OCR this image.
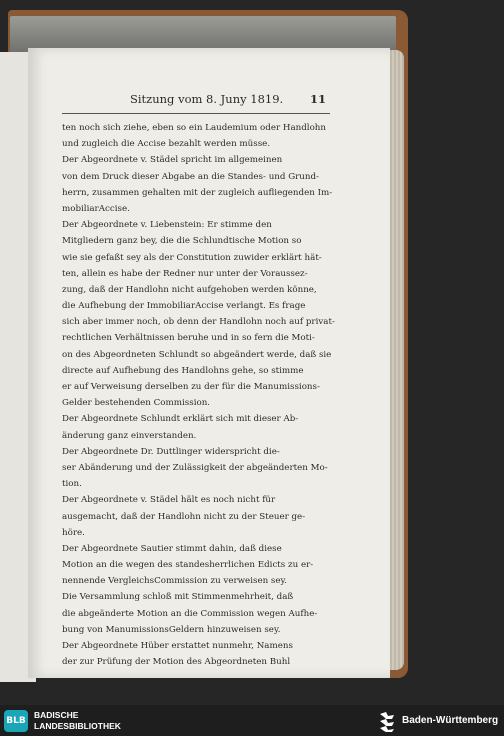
Sitzung vom 8. Juny 1819. 11
ten noch sich ziehe, eben so ein Laudemium oder Handlohn
und zugleich die Accise bezahlt werden müsse.
Der Abgeordnete v. Städel spricht im allgemeinen
von dem Druck dieser Abgabe an die Standes- und Grund-
herrn, zusammen gehalten mit der zugleich aufliegenden Im-
mobiliarAccise.
Der Abgeordnete v. Liebenstein: Er stimme den
Mitgliedern ganz bey, die die Schlundtische Motion so
wie sie gefaßt sey als der Constitution zuwider erklärt hät-
ten, allein es habe der Redner nur unter der Voraussez-
zung, daß der Handlohn nicht aufgehoben werden könne,
die Aufhebung der ImmobiliarAccise verlangt. Es frage
sich aber immer noch, ob denn der Handlohn noch auf privat-
rechtlichen Verhältnissen beruhe und in so fern die Moti-
on des Abgeordneten Schlundt so abgeändert werde, daß sie
directe auf Aufhebung des Handlohns gehe, so stimme
er auf Verweisung derselben zu der für die Manumissions-
Gelder bestehenden Commission.
Der Abgeordnete Schlundt erklärt sich mit dieser Ab-
änderung ganz einverstanden.
Der Abgeordnete Dr. Duttlinger widerspricht die-
ser Abänderung und der Zulässigkeit der abgeänderten Mo-
tion.
Der Abgeordnete v. Städel hält es noch nicht für
ausgemacht, daß der Handlohn nicht zu der Steuer ge-
höre.
Der Abgeordnete Sautier stimmt dahin, daß diese
Motion an die wegen des standesherrlichen Edicts zu er-
nennende VergleichsCommission zu verweisen sey.
Die Versammlung schloß mit Stimmenmehrheit, daß
die abgeänderte Motion an die Commission wegen Aufhe-
bung von ManumissionsGeldern hinzuweisen sey.
Der Abgeordnete Hüber erstattet nunmehr, Namens
der zur Prüfung der Motion des Abgeordneten Buhl
BLB
BADISCHE
LANDESBIBLIOTHEK	Baden-Württemberg
